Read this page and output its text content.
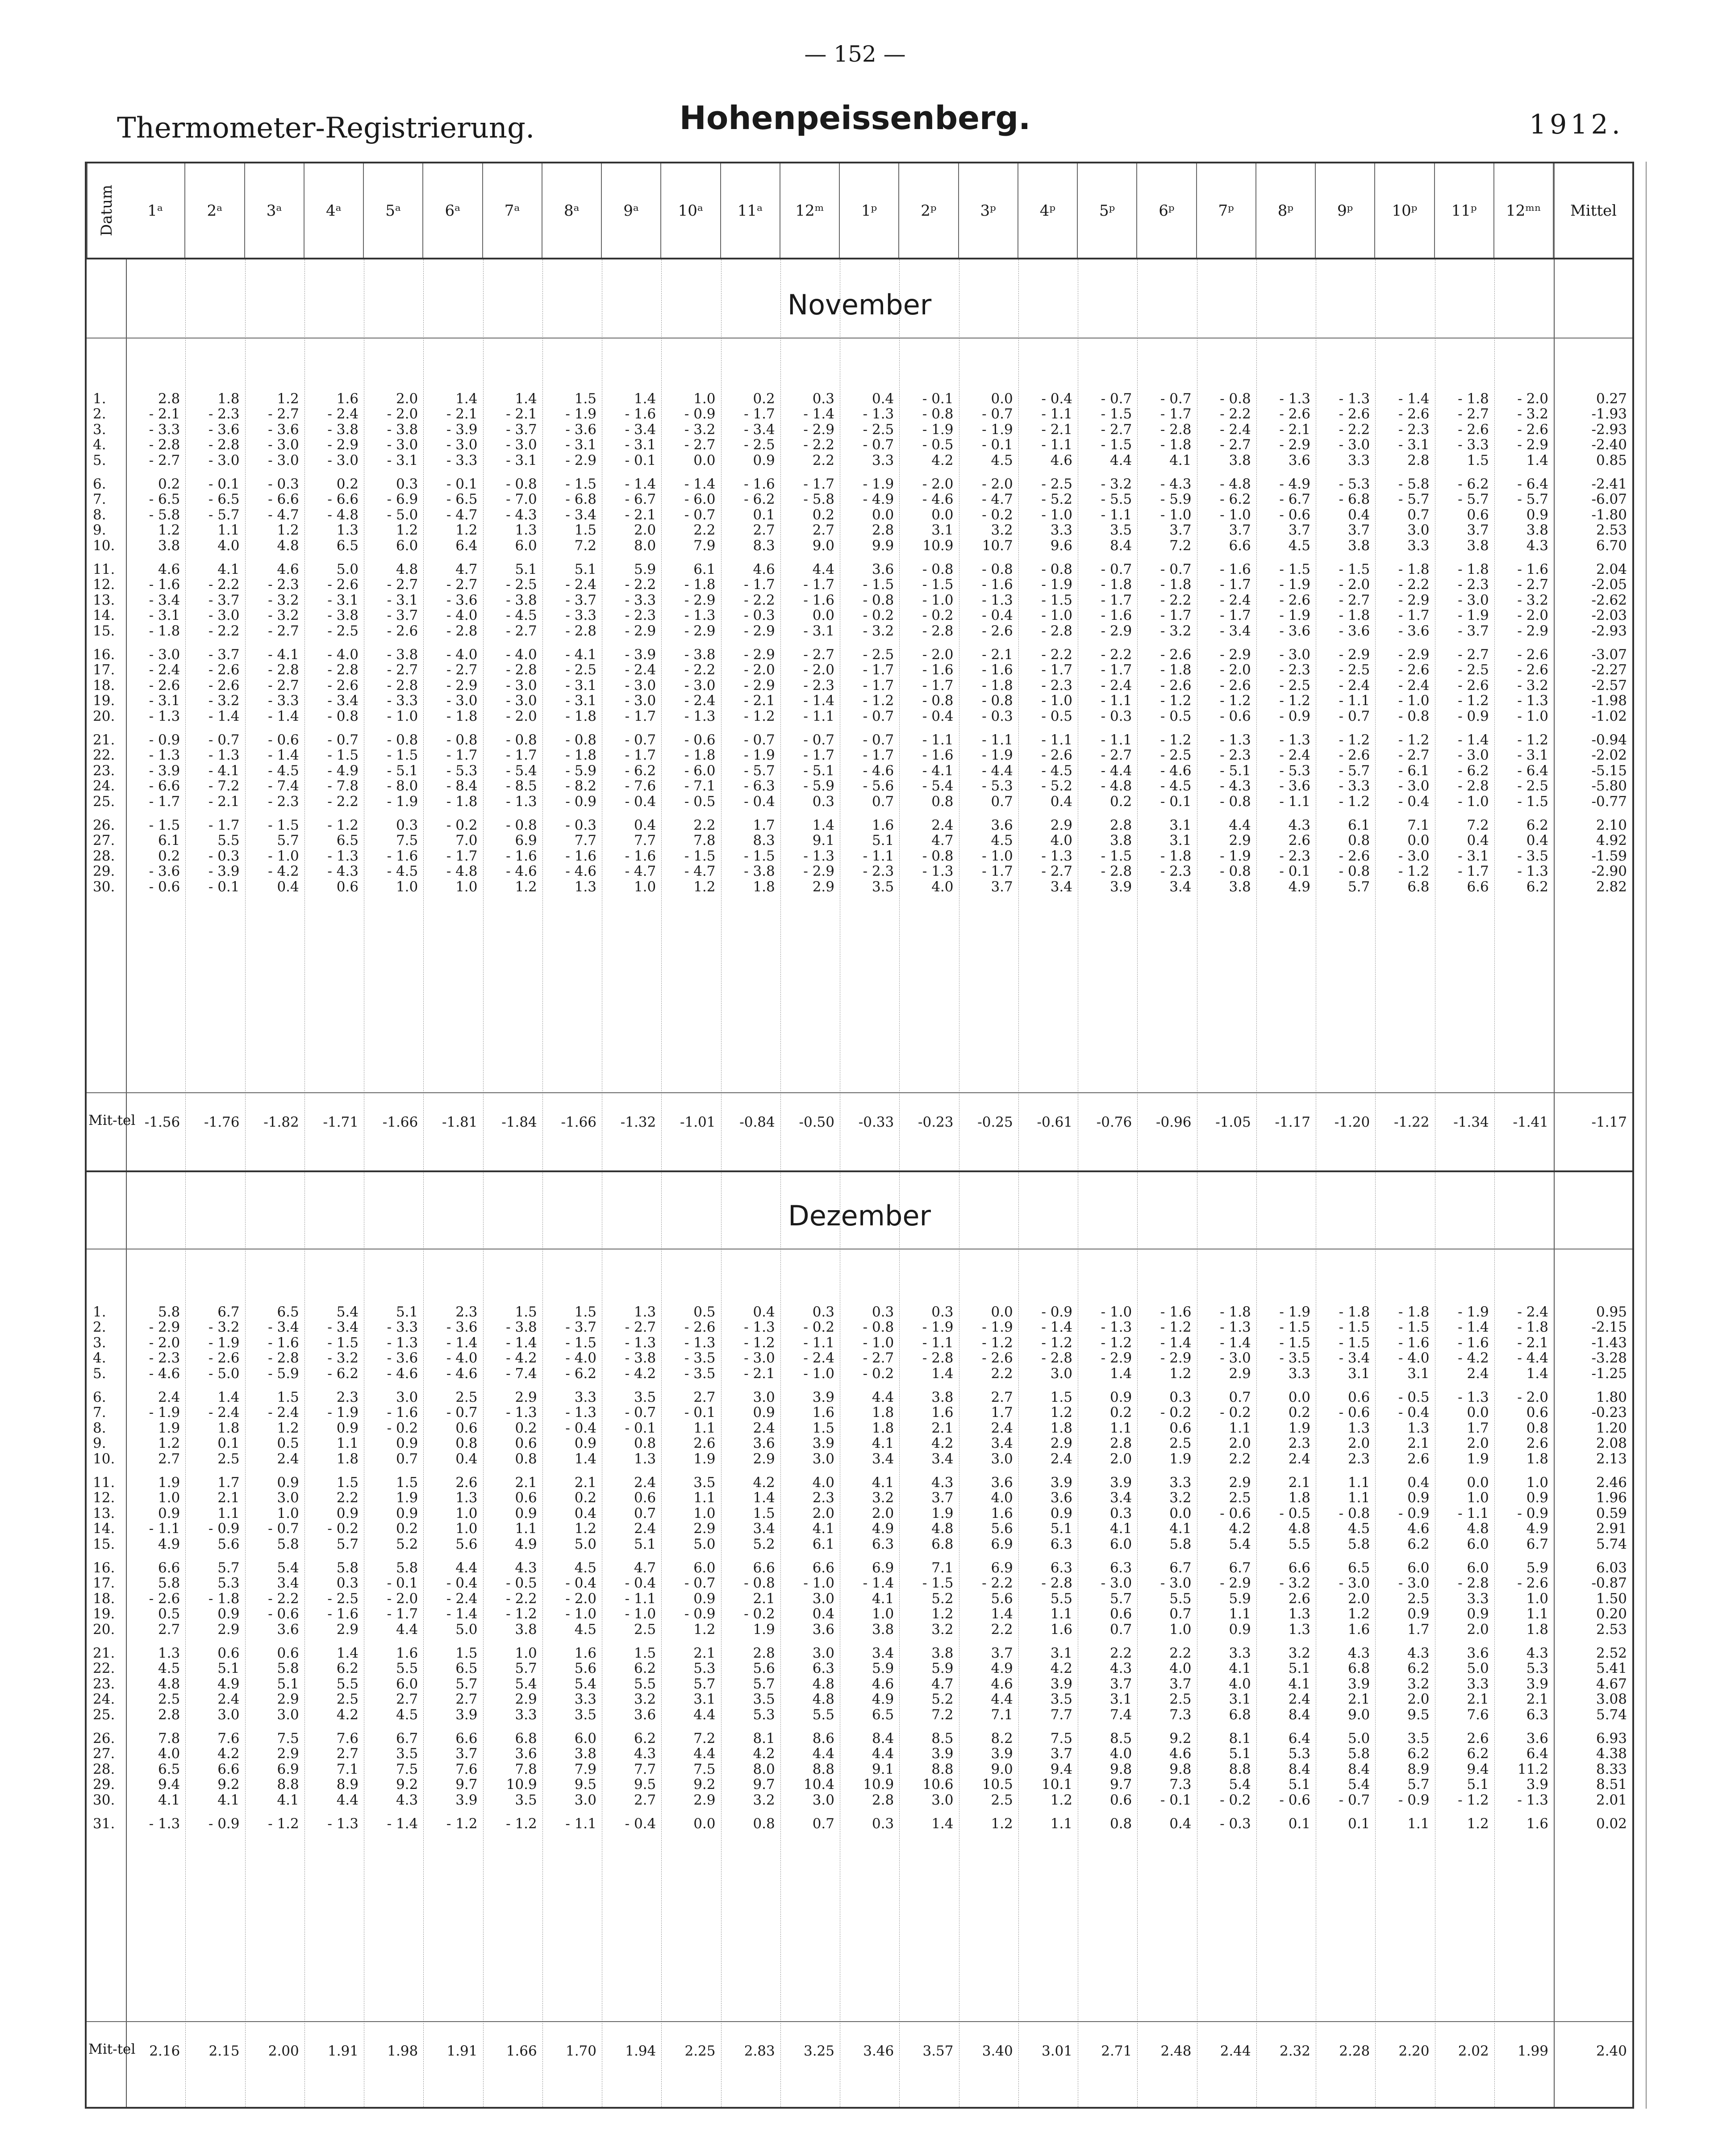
— 152 —
Thermometer-Registrierung.	Hohenpeissenberg.	1912.
Datum	1ᵃ	2ᵃ	3ᵃ	4ᵃ	5ᵃ	6ᵃ	7ᵃ	8ᵃ	9ᵃ	10ᵃ	11ᵃ	12ᵐ	1ᵖ	2ᵖ	3ᵖ	4ᵖ	5ᵖ	6ᵖ	7ᵖ	8ᵖ	9ᵖ	10ᵖ	11ᵖ	12ᵐⁿ	Mittel
November
1.	2.8	1.8	1.2	1.6	2.0	1.4	1.4	1.5	1.4	1.0	0.2	0.3	0.4	- 0.1	0.0	- 0.4	- 0.7	- 0.7	- 0.8	- 1.3	- 1.3	- 1.4	- 1.8	- 2.0	0.27
2.	- 2.1	- 2.3	- 2.7	- 2.4	- 2.0	- 2.1	- 2.1	- 1.9	- 1.6	- 0.9	- 1.7	- 1.4	- 1.3	- 0.8	- 0.7	- 1.1	- 1.5	- 1.7	- 2.2	- 2.6	- 2.6	- 2.6	- 2.7	- 3.2	-1.93
3.	- 3.3	- 3.6	- 3.6	- 3.8	- 3.8	- 3.9	- 3.7	- 3.6	- 3.4	- 3.2	- 3.4	- 2.9	- 2.5	- 1.9	- 1.9	- 2.1	- 2.7	- 2.8	- 2.4	- 2.1	- 2.2	- 2.3	- 2.6	- 2.6	-2.93
4.	- 2.8	- 2.8	- 3.0	- 2.9	- 3.0	- 3.0	- 3.0	- 3.1	- 3.1	- 2.7	- 2.5	- 2.2	- 0.7	- 0.5	- 0.1	- 1.1	- 1.5	- 1.8	- 2.7	- 2.9	- 3.0	- 3.1	- 3.3	- 2.9	-2.40
5.	- 2.7	- 3.0	- 3.0	- 3.0	- 3.1	- 3.3	- 3.1	- 2.9	- 0.1	0.0	0.9	2.2	3.3	4.2	4.5	4.6	4.4	4.1	3.8	3.6	3.3	2.8	1.5	1.4	0.85
6.	0.2	- 0.1	- 0.3	0.2	0.3	- 0.1	- 0.8	- 1.5	- 1.4	- 1.4	- 1.6	- 1.7	- 1.9	- 2.0	- 2.0	- 2.5	- 3.2	- 4.3	- 4.8	- 4.9	- 5.3	- 5.8	- 6.2	- 6.4	-2.41
7.	- 6.5	- 6.5	- 6.6	- 6.6	- 6.9	- 6.5	- 7.0	- 6.8	- 6.7	- 6.0	- 6.2	- 5.8	- 4.9	- 4.6	- 4.7	- 5.2	- 5.5	- 5.9	- 6.2	- 6.7	- 6.8	- 5.7	- 5.7	- 5.7	-6.07
8.	- 5.8	- 5.7	- 4.7	- 4.8	- 5.0	- 4.7	- 4.3	- 3.4	- 2.1	- 0.7	0.1	0.2	0.0	0.0	- 0.2	- 1.0	- 1.1	- 1.0	- 1.0	- 0.6	0.4	0.7	0.6	0.9	-1.80
9.	1.2	1.1	1.2	1.3	1.2	1.2	1.3	1.5	2.0	2.2	2.7	2.7	2.8	3.1	3.2	3.3	3.5	3.7	3.7	3.7	3.7	3.0	3.7	3.8	2.53
10.	3.8	4.0	4.8	6.5	6.0	6.4	6.0	7.2	8.0	7.9	8.3	9.0	9.9	10.9	10.7	9.6	8.4	7.2	6.6	4.5	3.8	3.3	3.8	4.3	6.70
11.	4.6	4.1	4.6	5.0	4.8	4.7	5.1	5.1	5.9	6.1	4.6	4.4	3.6	- 0.8	- 0.8	- 0.8	- 0.7	- 0.7	- 1.6	- 1.5	- 1.5	- 1.8	- 1.8	- 1.6	2.04
12.	- 1.6	- 2.2	- 2.3	- 2.6	- 2.7	- 2.7	- 2.5	- 2.4	- 2.2	- 1.8	- 1.7	- 1.7	- 1.5	- 1.5	- 1.6	- 1.9	- 1.8	- 1.8	- 1.7	- 1.9	- 2.0	- 2.2	- 2.3	- 2.7	-2.05
13.	- 3.4	- 3.7	- 3.2	- 3.1	- 3.1	- 3.6	- 3.8	- 3.7	- 3.3	- 2.9	- 2.2	- 1.6	- 0.8	- 1.0	- 1.3	- 1.5	- 1.7	- 2.2	- 2.4	- 2.6	- 2.7	- 2.9	- 3.0	- 3.2	-2.62
14.	- 3.1	- 3.0	- 3.2	- 3.8	- 3.7	- 4.0	- 4.5	- 3.3	- 2.3	- 1.3	- 0.3	0.0	- 0.2	- 0.2	- 0.4	- 1.0	- 1.6	- 1.7	- 1.7	- 1.9	- 1.8	- 1.7	- 1.9	- 2.0	-2.03
15.	- 1.8	- 2.2	- 2.7	- 2.5	- 2.6	- 2.8	- 2.7	- 2.8	- 2.9	- 2.9	- 2.9	- 3.1	- 3.2	- 2.8	- 2.6	- 2.8	- 2.9	- 3.2	- 3.4	- 3.6	- 3.6	- 3.6	- 3.7	- 2.9	-2.93
16.	- 3.0	- 3.7	- 4.1	- 4.0	- 3.8	- 4.0	- 4.0	- 4.1	- 3.9	- 3.8	- 2.9	- 2.7	- 2.5	- 2.0	- 2.1	- 2.2	- 2.2	- 2.6	- 2.9	- 3.0	- 2.9	- 2.9	- 2.7	- 2.6	-3.07
17.	- 2.4	- 2.6	- 2.8	- 2.8	- 2.7	- 2.7	- 2.8	- 2.5	- 2.4	- 2.2	- 2.0	- 2.0	- 1.7	- 1.6	- 1.6	- 1.7	- 1.7	- 1.8	- 2.0	- 2.3	- 2.5	- 2.6	- 2.5	- 2.6	-2.27
18.	- 2.6	- 2.6	- 2.7	- 2.6	- 2.8	- 2.9	- 3.0	- 3.1	- 3.0	- 3.0	- 2.9	- 2.3	- 1.7	- 1.7	- 1.8	- 2.3	- 2.4	- 2.6	- 2.6	- 2.5	- 2.4	- 2.4	- 2.6	- 3.2	-2.57
19.	- 3.1	- 3.2	- 3.3	- 3.4	- 3.3	- 3.0	- 3.0	- 3.1	- 3.0	- 2.4	- 2.1	- 1.4	- 1.2	- 0.8	- 0.8	- 1.0	- 1.1	- 1.2	- 1.2	- 1.2	- 1.1	- 1.0	- 1.2	- 1.3	-1.98
20.	- 1.3	- 1.4	- 1.4	- 0.8	- 1.0	- 1.8	- 2.0	- 1.8	- 1.7	- 1.3	- 1.2	- 1.1	- 0.7	- 0.4	- 0.3	- 0.5	- 0.3	- 0.5	- 0.6	- 0.9	- 0.7	- 0.8	- 0.9	- 1.0	-1.02
21.	- 0.9	- 0.7	- 0.6	- 0.7	- 0.8	- 0.8	- 0.8	- 0.8	- 0.7	- 0.6	- 0.7	- 0.7	- 0.7	- 1.1	- 1.1	- 1.1	- 1.1	- 1.2	- 1.3	- 1.3	- 1.2	- 1.2	- 1.4	- 1.2	-0.94
22.	- 1.3	- 1.3	- 1.4	- 1.5	- 1.5	- 1.7	- 1.7	- 1.8	- 1.7	- 1.8	- 1.9	- 1.7	- 1.7	- 1.6	- 1.9	- 2.6	- 2.7	- 2.5	- 2.3	- 2.4	- 2.6	- 2.7	- 3.0	- 3.1	-2.02
23.	- 3.9	- 4.1	- 4.5	- 4.9	- 5.1	- 5.3	- 5.4	- 5.9	- 6.2	- 6.0	- 5.7	- 5.1	- 4.6	- 4.1	- 4.4	- 4.5	- 4.4	- 4.6	- 5.1	- 5.3	- 5.7	- 6.1	- 6.2	- 6.4	-5.15
24.	- 6.6	- 7.2	- 7.4	- 7.8	- 8.0	- 8.4	- 8.5	- 8.2	- 7.6	- 7.1	- 6.3	- 5.9	- 5.6	- 5.4	- 5.3	- 5.2	- 4.8	- 4.5	- 4.3	- 3.6	- 3.3	- 3.0	- 2.8	- 2.5	-5.80
25.	- 1.7	- 2.1	- 2.3	- 2.2	- 1.9	- 1.8	- 1.3	- 0.9	- 0.4	- 0.5	- 0.4	0.3	0.7	0.8	0.7	0.4	0.2	- 0.1	- 0.8	- 1.1	- 1.2	- 0.4	- 1.0	- 1.5	-0.77
26.	- 1.5	- 1.7	- 1.5	- 1.2	0.3	- 0.2	- 0.8	- 0.3	0.4	2.2	1.7	1.4	1.6	2.4	3.6	2.9	2.8	3.1	4.4	4.3	6.1	7.1	7.2	6.2	2.10
27.	6.1	5.5	5.7	6.5	7.5	7.0	6.9	7.7	7.7	7.8	8.3	9.1	5.1	4.7	4.5	4.0	3.8	3.1	2.9	2.6	0.8	0.0	0.4	0.4	4.92
28.	0.2	- 0.3	- 1.0	- 1.3	- 1.6	- 1.7	- 1.6	- 1.6	- 1.6	- 1.5	- 1.5	- 1.3	- 1.1	- 0.8	- 1.0	- 1.3	- 1.5	- 1.8	- 1.9	- 2.3	- 2.6	- 3.0	- 3.1	- 3.5	-1.59
29.	- 3.6	- 3.9	- 4.2	- 4.3	- 4.5	- 4.8	- 4.6	- 4.6	- 4.7	- 4.7	- 3.8	- 2.9	- 2.3	- 1.3	- 1.7	- 2.7	- 2.8	- 2.3	- 0.8	- 0.1	- 0.8	- 1.2	- 1.7	- 1.3	-2.90
30.	- 0.6	- 0.1	0.4	0.6	1.0	1.0	1.2	1.3	1.0	1.2	1.8	2.9	3.5	4.0	3.7	3.4	3.9	3.4	3.8	4.9	5.7	6.8	6.6	6.2	2.82
Mit-tel -1.56	-1.76	-1.82	-1.71	-1.66	-1.81	-1.84	-1.66	-1.32	-1.01	-0.84	-0.50	-0.33	-0.23	-0.25	-0.61	-0.76	-0.96	-1.05	-1.17	-1.20	-1.22	-1.34	-1.41	-1.17
Dezember
1.	5.8	6.7	6.5	5.4	5.1	2.3	1.5	1.5	1.3	0.5	0.4	0.3	0.3	0.3	0.0	- 0.9	- 1.0	- 1.6	- 1.8	- 1.9	- 1.8	- 1.8	- 1.9	- 2.4	0.95
2.	- 2.9	- 3.2	- 3.4	- 3.4	- 3.3	- 3.6	- 3.8	- 3.7	- 2.7	- 2.6	- 1.3	- 0.2	- 0.8	- 1.9	- 1.9	- 1.4	- 1.3	- 1.2	- 1.3	- 1.5	- 1.5	- 1.5	- 1.4	- 1.8	-2.15
3.	- 2.0	- 1.9	- 1.6	- 1.5	- 1.3	- 1.4	- 1.4	- 1.5	- 1.3	- 1.3	- 1.2	- 1.1	- 1.0	- 1.1	- 1.2	- 1.2	- 1.2	- 1.4	- 1.4	- 1.5	- 1.5	- 1.6	- 1.6	- 2.1	-1.43
4.	- 2.3	- 2.6	- 2.8	- 3.2	- 3.6	- 4.0	- 4.2	- 4.0	- 3.8	- 3.5	- 3.0	- 2.4	- 2.7	- 2.8	- 2.6	- 2.8	- 2.9	- 2.9	- 3.0	- 3.5	- 3.4	- 4.0	- 4.2	- 4.4	-3.28
5.	- 4.6	- 5.0	- 5.9	- 6.2	- 4.6	- 4.6	- 7.4	- 6.2	- 4.2	- 3.5	- 2.1	- 1.0	- 0.2	1.4	2.2	3.0	1.4	1.2	2.9	3.3	3.1	3.1	2.4	1.4	-1.25
6.	2.4	1.4	1.5	2.3	3.0	2.5	2.9	3.3	3.5	2.7	3.0	3.9	4.4	3.8	2.7	1.5	0.9	0.3	0.7	0.0	0.6	- 0.5	- 1.3	- 2.0	1.80
7.	- 1.9	- 2.4	- 2.4	- 1.9	- 1.6	- 0.7	- 1.3	- 1.3	- 0.7	- 0.1	0.9	1.6	1.8	1.6	1.7	1.2	0.2	- 0.2	- 0.2	0.2	- 0.6	- 0.4	0.0	0.6	-0.23
8.	1.9	1.8	1.2	0.9	- 0.2	0.6	0.2	- 0.4	- 0.1	1.1	2.4	1.5	1.8	2.1	2.4	1.8	1.1	0.6	1.1	1.9	1.3	1.3	1.7	0.8	1.20
9.	1.2	0.1	0.5	1.1	0.9	0.8	0.6	0.9	0.8	2.6	3.6	3.9	4.1	4.2	3.4	2.9	2.8	2.5	2.0	2.3	2.0	2.1	2.0	2.6	2.08
10.	2.7	2.5	2.4	1.8	0.7	0.4	0.8	1.4	1.3	1.9	2.9	3.0	3.4	3.4	3.0	2.4	2.0	1.9	2.2	2.4	2.3	2.6	1.9	1.8	2.13
11.	1.9	1.7	0.9	1.5	1.5	2.6	2.1	2.1	2.4	3.5	4.2	4.0	4.1	4.3	3.6	3.9	3.9	3.3	2.9	2.1	1.1	0.4	0.0	1.0	2.46
12.	1.0	2.1	3.0	2.2	1.9	1.3	0.6	0.2	0.6	1.1	1.4	2.3	3.2	3.7	4.0	3.6	3.4	3.2	2.5	1.8	1.1	0.9	1.0	0.9	1.96
13.	0.9	1.1	1.0	0.9	0.9	1.0	0.9	0.4	0.7	1.0	1.5	2.0	2.0	1.9	1.6	0.9	0.3	0.0	- 0.6	- 0.5	- 0.8	- 0.9	- 1.1	- 0.9	0.59
14.	- 1.1	- 0.9	- 0.7	- 0.2	0.2	1.0	1.1	1.2	2.4	2.9	3.4	4.1	4.9	4.8	5.6	5.1	4.1	4.1	4.2	4.8	4.5	4.6	4.8	4.9	2.91
15.	4.9	5.6	5.8	5.7	5.2	5.6	4.9	5.0	5.1	5.0	5.2	6.1	6.3	6.8	6.9	6.3	6.0	5.8	5.4	5.5	5.8	6.2	6.0	6.7	5.74
16.	6.6	5.7	5.4	5.8	5.8	4.4	4.3	4.5	4.7	6.0	6.6	6.6	6.9	7.1	6.9	6.3	6.3	6.7	6.7	6.6	6.5	6.0	6.0	5.9	6.03
17.	5.8	5.3	3.4	0.3	- 0.1	- 0.4	- 0.5	- 0.4	- 0.4	- 0.7	- 0.8	- 1.0	- 1.4	- 1.5	- 2.2	- 2.8	- 3.0	- 3.0	- 2.9	- 3.2	- 3.0	- 3.0	- 2.8	- 2.6	-0.87
18.	- 2.6	- 1.8	- 2.2	- 2.5	- 2.0	- 2.4	- 2.2	- 2.0	- 1.1	0.9	2.1	3.0	4.1	5.2	5.6	5.5	5.7	5.5	5.9	2.6	2.0	2.5	3.3	1.0	1.50
19.	0.5	0.9	- 0.6	- 1.6	- 1.7	- 1.4	- 1.2	- 1.0	- 1.0	- 0.9	- 0.2	0.4	1.0	1.2	1.4	1.1	0.6	0.7	1.1	1.3	1.2	0.9	0.9	1.1	0.20
20.	2.7	2.9	3.6	2.9	4.4	5.0	3.8	4.5	2.5	1.2	1.9	3.6	3.8	3.2	2.2	1.6	0.7	1.0	0.9	1.3	1.6	1.7	2.0	1.8	2.53
21.	1.3	0.6	0.6	1.4	1.6	1.5	1.0	1.6	1.5	2.1	2.8	3.0	3.4	3.8	3.7	3.1	2.2	2.2	3.3	3.2	4.3	4.3	3.6	4.3	2.52
22.	4.5	5.1	5.8	6.2	5.5	6.5	5.7	5.6	6.2	5.3	5.6	6.3	5.9	5.9	4.9	4.2	4.3	4.0	4.1	5.1	6.8	6.2	5.0	5.3	5.41
23.	4.8	4.9	5.1	5.5	6.0	5.7	5.4	5.4	5.5	5.7	5.7	4.8	4.6	4.7	4.6	3.9	3.7	3.7	4.0	4.1	3.9	3.2	3.3	3.9	4.67
24.	2.5	2.4	2.9	2.5	2.7	2.7	2.9	3.3	3.2	3.1	3.5	4.8	4.9	5.2	4.4	3.5	3.1	2.5	3.1	2.4	2.1	2.0	2.1	2.1	3.08
25.	2.8	3.0	3.0	4.2	4.5	3.9	3.3	3.5	3.6	4.4	5.3	5.5	6.5	7.2	7.1	7.7	7.4	7.3	6.8	8.4	9.0	9.5	7.6	6.3	5.74
26.	7.8	7.6	7.5	7.6	6.7	6.6	6.8	6.0	6.2	7.2	8.1	8.6	8.4	8.5	8.2	7.5	8.5	9.2	8.1	6.4	5.0	3.5	2.6	3.6	6.93
27.	4.0	4.2	2.9	2.7	3.5	3.7	3.6	3.8	4.3	4.4	4.2	4.4	4.4	3.9	3.9	3.7	4.0	4.6	5.1	5.3	5.8	6.2	6.2	6.4	4.38
28.	6.5	6.6	6.9	7.1	7.5	7.6	7.8	7.9	7.7	7.5	8.0	8.8	9.1	8.8	9.0	9.4	9.8	9.8	8.8	8.4	8.4	8.9	9.4	11.2	8.33
29.	9.4	9.2	8.8	8.9	9.2	9.7	10.9	9.5	9.5	9.2	9.7	10.4	10.9	10.6	10.5	10.1	9.7	7.3	5.4	5.1	5.4	5.7	5.1	3.9	8.51
30.	4.1	4.1	4.1	4.4	4.3	3.9	3.5	3.0	2.7	2.9	3.2	3.0	2.8	3.0	2.5	1.2	0.6	- 0.1	- 0.2	- 0.6	- 0.7	- 0.9	- 1.2	- 1.3	2.01
31.	- 1.3	- 0.9	- 1.2	- 1.3	- 1.4	- 1.2	- 1.2	- 1.1	- 0.4	0.0	0.8	0.7	0.3	1.4	1.2	1.1	0.8	0.4	- 0.3	0.1	0.1	1.1	1.2	1.6	0.02
Mit-tel 2.16	2.15	2.00	1.91	1.98	1.91	1.66	1.70	1.94	2.25	2.83	3.25	3.46	3.57	3.40	3.01	2.71	2.48	2.44	2.32	2.28	2.20	2.02	1.99	2.40
